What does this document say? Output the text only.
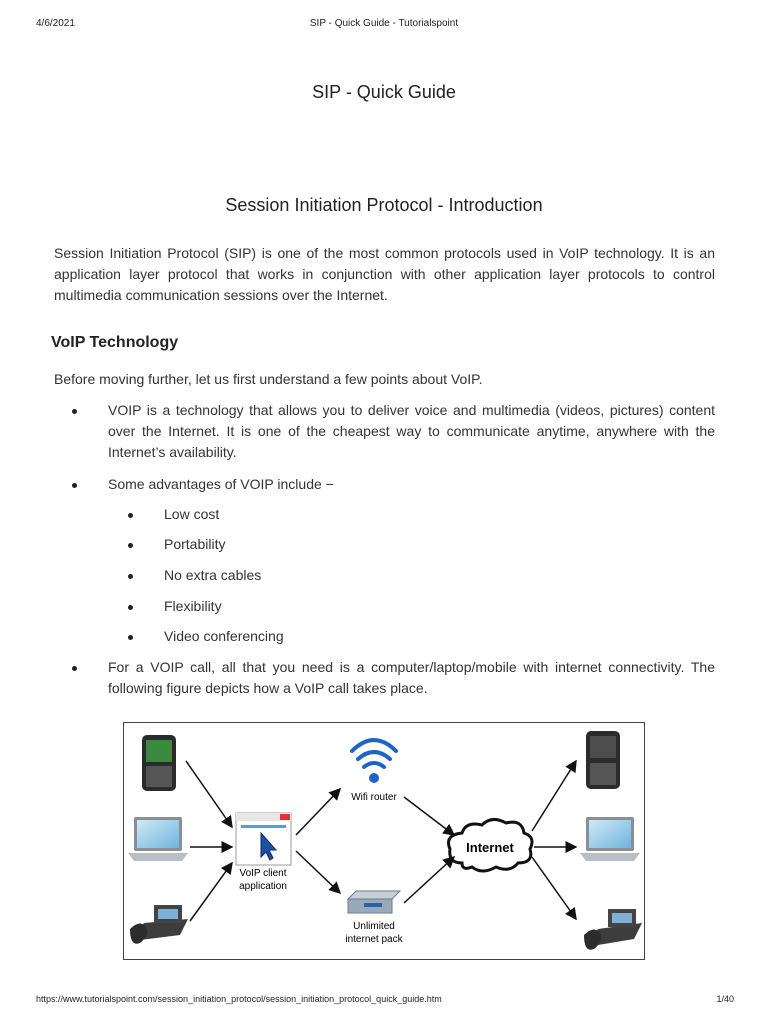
4/6/2021	SIP - Quick Guide - Tutorialspoint
SIP - Quick Guide
Session Initiation Protocol - Introduction
Session Initiation Protocol (SIP) is one of the most common protocols used in VoIP technology. It is an application layer protocol that works in conjunction with other application layer protocols to control multimedia communication sessions over the Internet.
VoIP Technology
Before moving further, let us first understand a few points about VoIP.
VOIP is a technology that allows you to deliver voice and multimedia (videos, pictures) content over the Internet. It is one of the cheapest way to communicate anytime, anywhere with the Internet’s availability.
Some advantages of VOIP include −
Low cost
Portability
No extra cables
Flexibility
Video conferencing
For a VOIP call, all that you need is a computer/laptop/mobile with internet connectivity. The following figure depicts how a VoIP call takes place.
VoIP client
application
Wifi router
Unlimited
internet pack
Internet
https://www.tutorialspoint.com/session_initiation_protocol/session_initiation_protocol_quick_guide.htm	1/40
